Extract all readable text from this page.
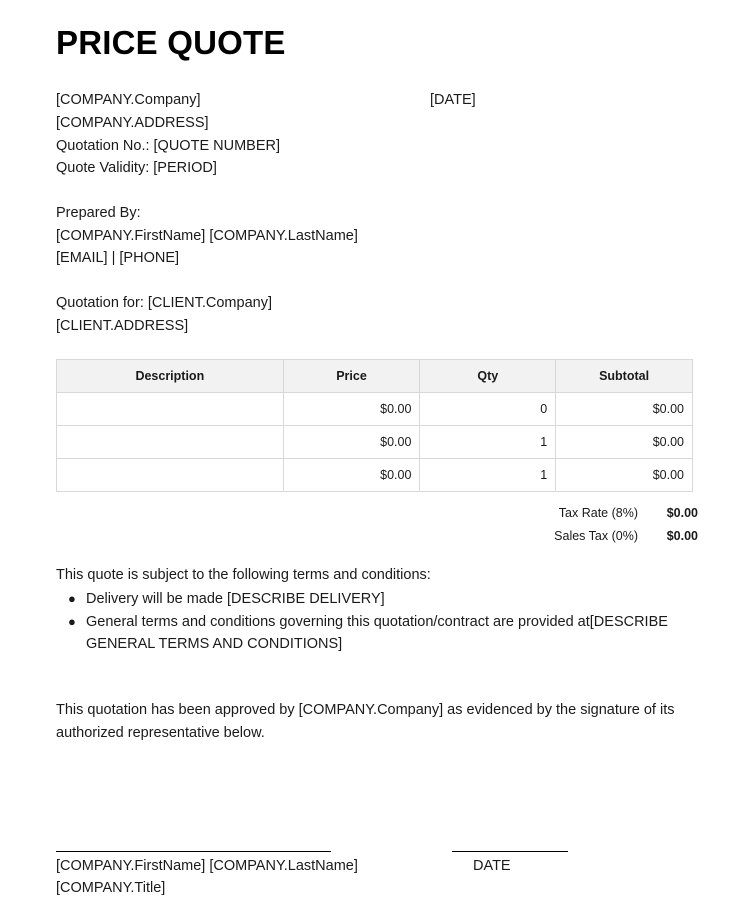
PRICE QUOTE
[COMPANY.Company]
[COMPANY.ADDRESS]
Quotation No.: [QUOTE NUMBER]
Quote Validity: [PERIOD]
[DATE]
Prepared By:
[COMPANY.FirstName] [COMPANY.LastName]
[EMAIL] | [PHONE]
Quotation for: [CLIENT.Company]
[CLIENT.ADDRESS]
Description	Price	Qty	Subtotal
	$0.00	0	$0.00
	$0.00	1	$0.00
	$0.00	1	$0.00
Tax Rate (8%)		$0.00
Sales Tax (0%)		$0.00
This quote is subject to the following terms and conditions:
● Delivery will be made [DESCRIBE DELIVERY]
● General terms and conditions governing this quotation/contract are provided at[DESCRIBE GENERAL TERMS AND CONDITIONS]
This quotation has been approved by [COMPANY.Company] as evidenced by the signature of its authorized representative below.
[COMPANY.FirstName] [COMPANY.LastName]
[COMPANY.Title]
DATE
